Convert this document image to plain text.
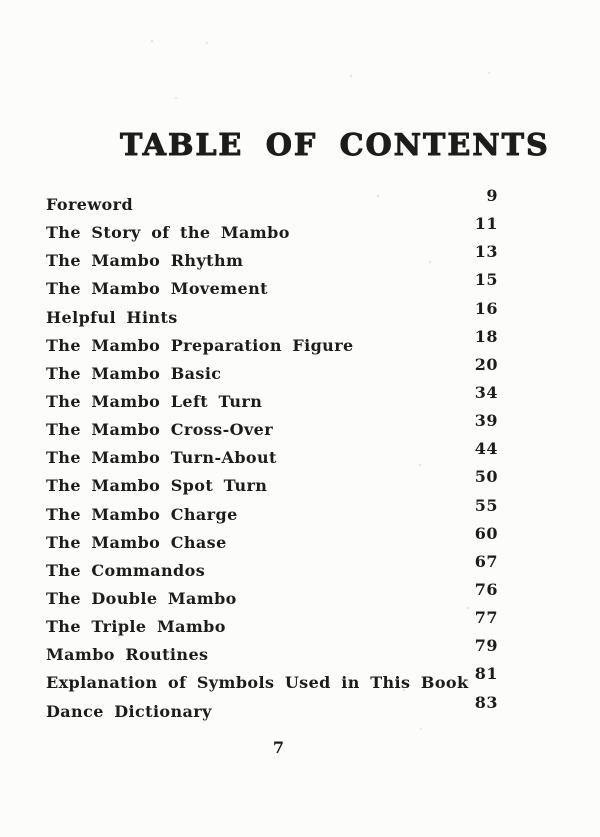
TABLE OF CONTENTS
Foreword	9
The Story of the Mambo	11
The Mambo Rhythm	13
The Mambo Movement	15
Helpful Hints	16
The Mambo Preparation Figure	18
The Mambo Basic	20
The Mambo Left Turn	34
The Mambo Cross-Over	39
The Mambo Turn-About	44
The Mambo Spot Turn	50
The Mambo Charge	55
The Mambo Chase	60
The Commandos	67
The Double Mambo	76
The Triple Mambo	77
Mambo Routines	79
Explanation of Symbols Used in This Book 81
Dance Dictionary	83
7
